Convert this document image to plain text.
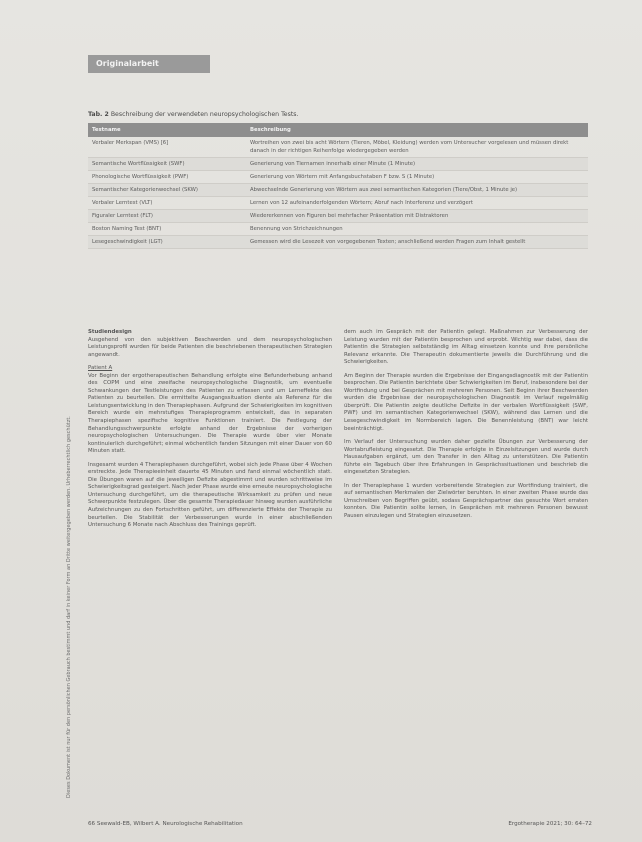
Originalarbeit
Dieses Dokument ist nur für den persönlichen Gebrauch bestimmt und darf in keiner Form an Dritte weitergegeben werden. Urheberrechtlich geschützt.
Tab. 2 Beschreibung der verwendeten neuropsychologischen Tests.
Testname	Beschreibung
Verbaler Merkspan (VMS) [6]	Wortreihen von zwei bis acht Wörtern (Tieren, Möbel, Kleidung) werden vom Untersucher vorgelesen und müssen direkt danach in der richtigen Reihenfolge wiedergegeben werden
Semantische Wortflüssigkeit (SWF)	Generierung von Tiernamen innerhalb einer Minute (1 Minute)
Phonologische Wortflüssigkeit (PWF)	Generierung von Wörtern mit Anfangsbuchstaben F bzw. S (1 Minute)
Semantischer Kategorienwechsel (SKW)	Abwechselnde Generierung von Wörtern aus zwei semantischen Kategorien (Tiere/Obst, 1 Minute je)
Verbaler Lerntest (VLT)	Lernen von 12 aufeinanderfolgenden Wörtern; Abruf nach Interferenz und verzögert
Figuraler Lerntest (FLT)	Wiedererkennen von Figuren bei mehrfacher Präsentation mit Distraktoren
Boston Naming Test (BNT)	Benennung von Strichzeichnungen
Lesegeschwindigkeit (LGT)	Gemessen wird die Lesezeit von vorgegebenen Texten; anschließend werden Fragen zum Inhalt gestellt

Studiendesign

Ausgehend von den subjektiven Beschwerden und dem neuropsychologischen Leistungsprofil wurden für beide Patienten die beschriebenen therapeutischen Strategien angewandt.

Patient A

Vor Beginn der ergotherapeutischen Behandlung erfolgte eine Befunderhebung anhand des COPM und eine zweifache neuropsychologische Diagnostik, um eventuelle Schwankungen der Testleistungen des Patienten zu erfassen und um Lerneffekte des Patienten zu beurteilen. Die ermittelte Ausgangssituation diente als Referenz für die Leistungsentwicklung in den Therapiephasen. Aufgrund der Schwierigkeiten im kognitiven Bereich wurde ein mehrstufiges Therapieprogramm entwickelt, das in separaten Therapiephasen spezifische kognitive Funktionen trainiert. Die Festlegung der Behandlungsschwerpunkte erfolgte anhand der Ergebnisse der vorherigen neuropsychologischen Untersuchungen. Die Therapie wurde über vier Monate kontinuierlich durchgeführt; einmal wöchentlich fanden Sitzungen mit einer Dauer von 60 Minuten statt.

Insgesamt wurden 4 Therapiephasen durchgeführt, wobei sich jede Phase über 4 Wochen erstreckte. Jede Therapieeinheit dauerte 45 Minuten und fand einmal wöchentlich statt. Die Übungen waren auf die jeweiligen Defizite abgestimmt und wurden schrittweise im Schwierigkeitsgrad gesteigert. Nach jeder Phase wurde eine erneute neuropsychologische Untersuchung durchgeführt, um die therapeutische Wirksamkeit zu prüfen und neue Schwerpunkte festzulegen. Über die gesamte Therapiedauer hinweg wurden ausführliche Aufzeichnungen zu den Fortschritten geführt, um differenzierte Effekte der Therapie zu beurteilen. Die Stabilität der Verbesserungen wurde in einer abschließenden Untersuchung 6 Monate nach Abschluss des Trainings geprüft.

dem auch im Gespräch mit der Patientin gelegt. Maßnahmen zur Verbesserung der Leistung wurden mit der Patientin besprochen und erprobt. Wichtig war dabei, dass die Patientin die Strategien selbstständig im Alltag einsetzen konnte und ihre persönliche Relevanz erkannte. Die Therapeutin dokumentierte jeweils die Durchführung und die Schwierigkeiten.

Am Beginn der Therapie wurden die Ergebnisse der Eingangsdiagnostik mit der Patientin besprochen. Die Patientin berichtete über Schwierigkeiten im Beruf, insbesondere bei der Wortfindung und bei Gesprächen mit mehreren Personen. Seit Beginn ihrer Beschwerden wurden die Ergebnisse der neuropsychologischen Diagnostik im Verlauf regelmäßig überprüft. Die Patientin zeigte deutliche Defizite in der verbalen Wortflüssigkeit (SWF, PWF) und im semantischen Kategorienwechsel (SKW), während das Lernen und die Lesegeschwindigkeit im Normbereich lagen. Die Benennleistung (BNT) war leicht beeinträchtigt.

Im Verlauf der Untersuchung wurden daher gezielte Übungen zur Verbesserung der Wortabrufleistung eingesetzt. Die Therapie erfolgte in Einzelsitzungen und wurde durch Hausaufgaben ergänzt, um den Transfer in den Alltag zu unterstützen. Die Patientin führte ein Tagebuch über ihre Erfahrungen in Gesprächssituationen und beschrieb die eingesetzten Strategien.

In der Therapiephase 1 wurden vorbereitende Strategien zur Wortfindung trainiert, die auf semantischen Merkmalen der Zielwörter beruhten. In einer zweiten Phase wurde das Umschreiben von Begriffen geübt, sodass Gesprächspartner das gesuchte Wort erraten konnten. Die Patientin sollte lernen, in Gesprächen mit mehreren Personen bewusst Pausen einzulegen und Strategien einzusetzen.

66 Seewald-EB, Wilbert A. Neurologische Rehabilitation	Ergotherapie 2021; 30: 64–72
